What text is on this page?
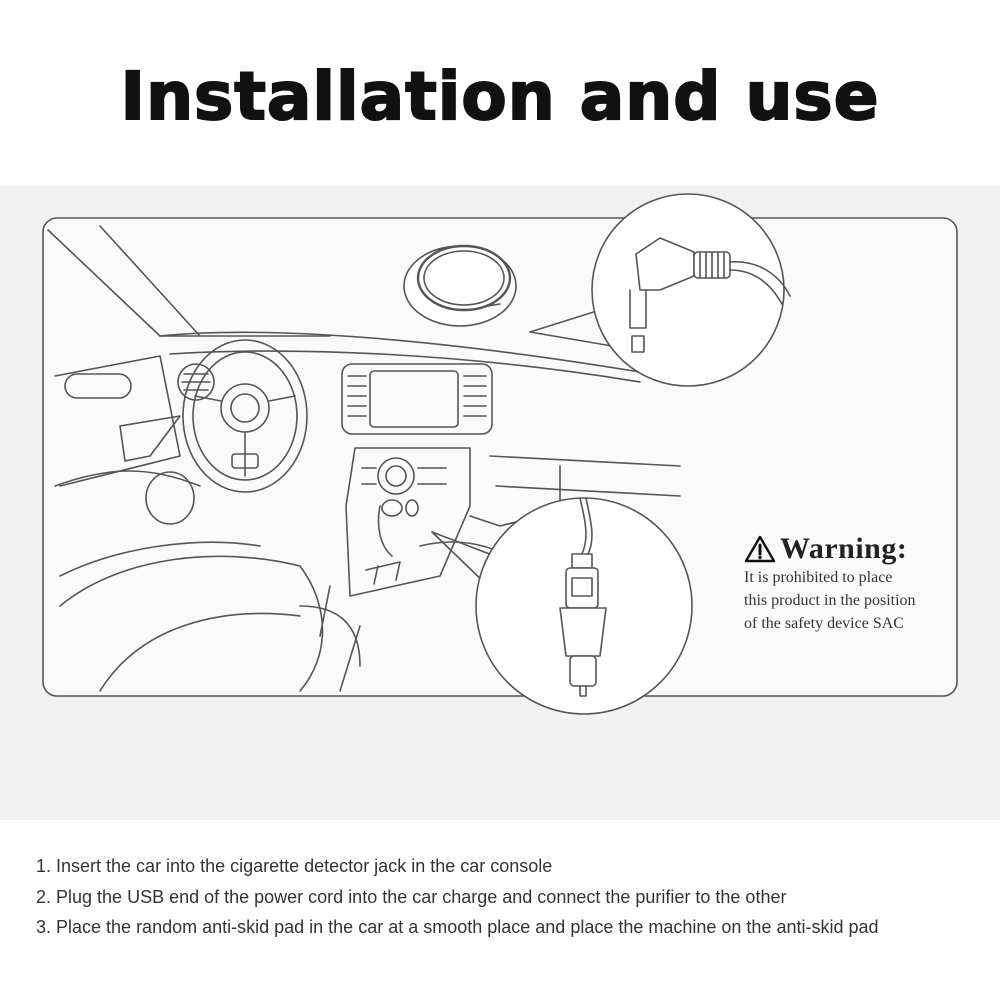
Installation and use
Warning:
It is prohibited to place
this product in the position
of the safety device SAC
1. Insert the car into the cigarette detector jack in the car console
2. Plug the USB end of the power cord into the car charge and connect the purifier to the other
3. Place the random anti-skid pad in the car at a smooth place and place the machine on the anti-skid pad
